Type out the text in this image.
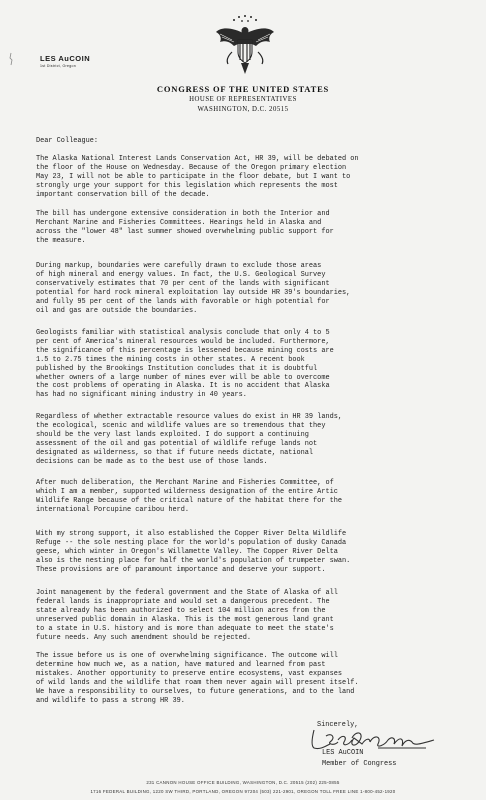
LES AuCOIN
1st District, Oregon
CONGRESS OF THE UNITED STATES
HOUSE OF REPRESENTATIVES
WASHINGTON, D.C. 20515
Dear Colleague:
The Alaska National Interest Lands Conservation Act, HR 39, will be debated on
the floor of the House on Wednesday. Because of the Oregon primary election
May 23, I will not be able to participate in the floor debate, but I want to
strongly urge your support for this legislation which represents the most
important conservation bill of the decade.
The bill has undergone extensive consideration in both the Interior and
Merchant Marine and Fisheries Committees. Hearings held in Alaska and
across the "lower 48" last summer showed overwhelming public support for
the measure.
During markup, boundaries were carefully drawn to exclude those areas
of high mineral and energy values. In fact, the U.S. Geological Survey
conservatively estimates that 70 per cent of the lands with significant
potential for hard rock mineral exploitation lay outside HR 39's boundaries,
and fully 95 per cent of the lands with favorable or high potential for
oil and gas are outside the boundaries.
Geologists familiar with statistical analysis conclude that only 4 to 5
per cent of America's mineral resources would be included. Furthermore,
the significance of this percentage is lessened because mining costs are
1.5 to 2.75 times the mining costs in other states. A recent book
published by the Brookings Institution concludes that it is doubtful
whether owners of a large number of mines ever will be able to overcome
the cost problems of operating in Alaska. It is no accident that Alaska
has had no significant mining industry in 40 years.
Regardless of whether extractable resource values do exist in HR 39 lands,
the ecological, scenic and wildlife values are so tremendous that they
should be the very last lands exploited. I do support a continuing
assessment of the oil and gas potential of wildlife refuge lands not
designated as wilderness, so that if future needs dictate, national
decisions can be made as to the best use of those lands.
After much deliberation, the Merchant Marine and Fisheries Committee, of
which I am a member, supported wilderness designation of the entire Artic
Wildlife Range because of the critical nature of the habitat there for the
international Porcupine caribou herd.
With my strong support, it also established the Copper River Delta Wildlife
Refuge -- the sole nesting place for the world's population of dusky Canada
geese, which winter in Oregon's Willamette Valley. The Copper River Delta
also is the nesting place for half the world's population of trumpeter swan.
These provisions are of paramount importance and deserve your support.
Joint management by the federal government and the State of Alaska of all
federal lands is inappropriate and would set a dangerous precedent. The
state already has been authorized to select 104 million acres from the
unreserved public domain in Alaska. This is the most generous land grant
to a state in U.S. history and is more than adequate to meet the state's
future needs. Any such amendment should be rejected.
The issue before us is one of overwhelming significance. The outcome will
determine how much we, as a nation, have matured and learned from past
mistakes. Another opportunity to preserve entire ecosystems, vast expanses
of wild lands and the wildlife that roam them never again will present itself.
We have a responsibility to ourselves, to future generations, and to the land
and wildlife to pass a strong HR 39.
Sincerely,
LES AuCOIN
Member of Congress
231 CANNON HOUSE OFFICE BUILDING, WASHINGTON, D.C. 20515 (202) 225-0855
1716 FEDERAL BUILDING, 1220 SW THIRD, PORTLAND, OREGON 97204 (503) 221-2901, OREGON TOLL FREE LINE 1-800-452-1920
